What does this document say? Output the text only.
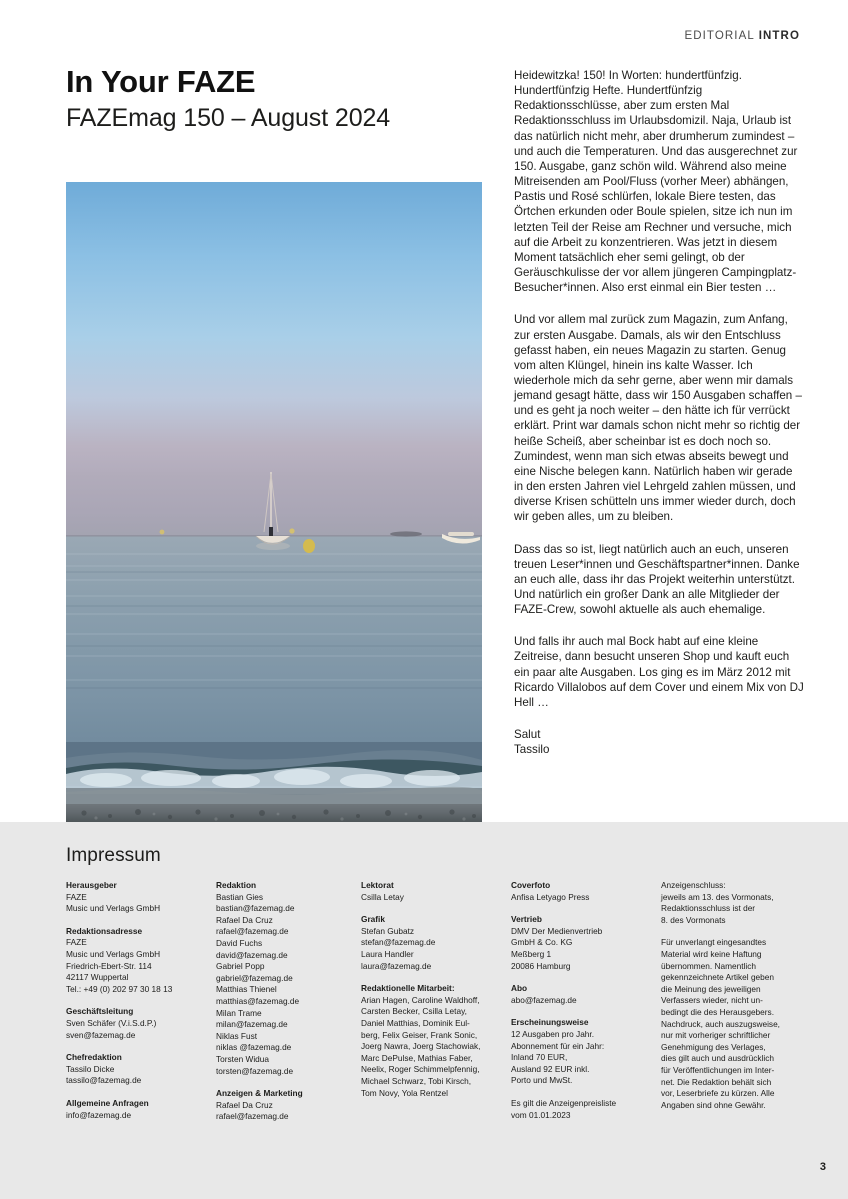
EDITORIAL INTRO
In Your FAZE
FAZEmag 150 – August 2024

Heidewitzka! 150! In Worten: hundertfünfzig. Hundertfünfzig Hefte. Hundertfünfzig Redaktionsschlüsse, aber zum ersten Mal Redaktionsschluss im Urlaubsdomizil. Naja, Urlaub ist das natürlich nicht mehr, aber drumherum zumindest – und auch die Temperaturen. Und das ausgerechnet zur 150. Ausgabe, ganz schön wild. Während also meine Mitreisenden am Pool/Fluss (vorher Meer) abhängen, Pastis und Rosé schlürfen, lokale Biere testen, das Örtchen erkunden oder Boule spielen, sitze ich nun im letzten Teil der Reise am Rechner und versuche, mich auf die Arbeit zu konzentrieren. Was jetzt in diesem Moment tatsächlich eher semi gelingt, ob der Geräuschkulisse der vor allem jüngeren Campingplatz-Besucher*innen. Also erst einmal ein Bier testen …

Und vor allem mal zurück zum Magazin, zum Anfang, zur ersten Ausgabe. Damals, als wir den Entschluss gefasst haben, ein neues Magazin zu starten. Genug vom alten Klüngel, hinein ins kalte Wasser. Ich wiederhole mich da sehr gerne, aber wenn mir damals jemand gesagt hätte, dass wir 150 Ausgaben schaffen – und es geht ja noch weiter – den hätte ich für verrückt erklärt. Print war damals schon nicht mehr so richtig der heiße Scheiß, aber scheinbar ist es doch noch so. Zumindest, wenn man sich etwas abseits bewegt und eine Nische belegen kann. Natürlich haben wir gerade in den ersten Jahren viel Lehrgeld zahlen müssen, und diverse Krisen schütteln uns immer wieder durch, doch wir geben alles, um zu bleiben.

Dass das so ist, liegt natürlich auch an euch, unseren treuen Leser*innen und Geschäftspartner*innen. Danke an euch alle, dass ihr das Projekt weiterhin unterstützt. Und natürlich ein großer Dank an alle Mitglieder der FAZE-Crew, sowohl aktuelle als auch ehemalige.

Und falls ihr auch mal Bock habt auf eine kleine Zeitreise, dann besucht unseren Shop und kauft euch ein paar alte Ausgaben. Los ging es im März 2012 mit Ricardo Villalobos auf dem Cover und einem Mix von DJ Hell …

Salut

Tassilo

Impressum
Herausgeber
FAZE
Music und Verlags GmbH
Redaktionsadresse
FAZE
Music und Verlags GmbH
Friedrich-Ebert-Str. 114
42117 Wuppertal
Tel.: +49 (0) 202 97 30 18 13
Geschäftsleitung
Sven Schäfer (V.i.S.d.P.)
sven@fazemag.de
Chefredaktion
Tassilo Dicke
tassilo@fazemag.de
Allgemeine Anfragen
info@fazemag.de
Redaktion
Bastian Gies
bastian@fazemag.de
Rafael Da Cruz
rafael@fazemag.de
David Fuchs
david@fazemag.de
Gabriel Popp
gabriel@fazemag.de
Matthias Thienel
matthias@fazemag.de
Milan Trame
milan@fazemag.de
Niklas Fust
niklas @fazemag.de
Torsten Widua
torsten@fazemag.de
Anzeigen & Marketing
Rafael Da Cruz
rafael@fazemag.de
Lektorat
Csilla Letay
Grafik
Stefan Gubatz
stefan@fazemag.de
Laura Handler
laura@fazemag.de
Redaktionelle Mitarbeit:
Arian Hagen, Caroline Waldhoff,
Carsten Becker, Csilla Letay,
Daniel Matthias, Dominik Eul-
berg, Felix Geiser, Frank Sonic,
Joerg Nawra, Joerg Stachowiak,
Marc DePulse, Mathias Faber,
Neelix, Roger Schimmelpfennig,
Michael Schwarz, Tobi Kirsch,
Tom Novy, Yola Rentzel
Coverfoto
Anfisa Letyago Press
Vertrieb
DMV Der Medienvertrieb
GmbH & Co. KG
Meßberg 1
20086 Hamburg
Abo
abo@fazemag.de
Erscheinungsweise
12 Ausgaben pro Jahr.
Abonnement für ein Jahr:
Inland 70 EUR,
Ausland 92 EUR inkl.
Porto und MwSt.
Es gilt die Anzeigenpreisliste
vom 01.01.2023
Anzeigenschluss:
jeweils am 13. des Vormonats,
Redaktionsschluss ist der
8. des Vormonats
Für unverlangt eingesandtes
Material wird keine Haftung
übernommen. Namentlich
gekennzeichnete Artikel geben
die Meinung des jeweiligen
Verfassers wieder, nicht un-
bedingt die des Herausgebers.
Nachdruck, auch auszugsweise,
nur mit vorheriger schriftlicher
Genehmigung des Verlages,
dies gilt auch und ausdrücklich
für Veröffentlichungen im Inter-
net. Die Redaktion behält sich
vor, Leserbriefe zu kürzen. Alle
Angaben sind ohne Gewähr.
3
